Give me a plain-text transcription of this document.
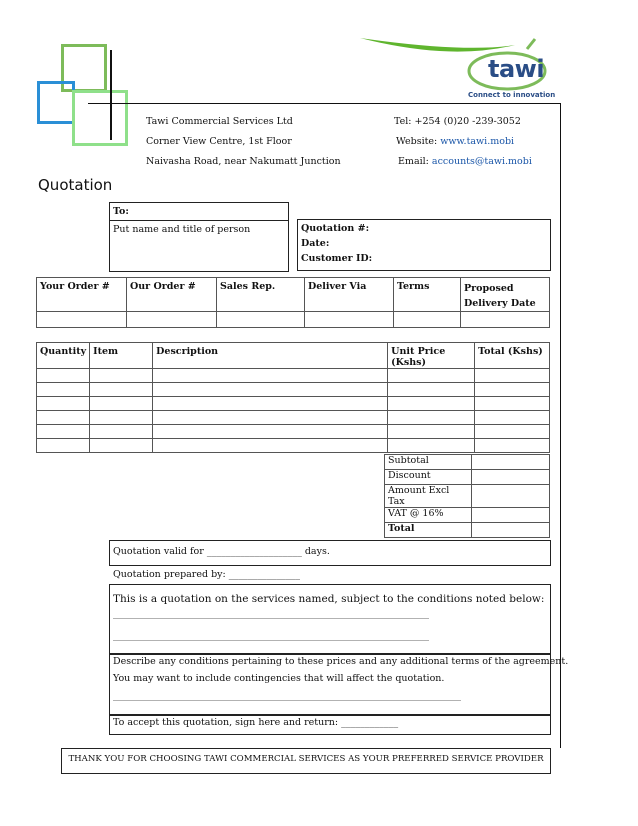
tawi
Connect to innovation
Tawi Commercial Services Ltd
Corner View Centre, 1st Floor
Naivasha Road, near Nakumatt Junction
Tel: +254 (0)20 -239-3052
Website: www.tawi.mobi
Email: accounts@tawi.mobi
Quotation
To:
Put name and title of person	Quotation #:
Date:
Customer ID:
Your Order #	Our Order #	Sales Rep.	Deliver Via	Terms	Proposed Delivery Date

Quantity	Item	Description	Unit Price (Kshs)	Total (Kshs)

Subtotal	
Discount	
Amount Excl Tax	
VAT @ 16%	
Total	
Quotation valid for ____________________ days.
Quotation prepared by: _______________
This is a quotation on the services named, subject to the conditions noted below:
_______________________________________________________________________________
_______________________________________________________________________________
Describe any conditions pertaining to these prices and any additional terms of the agreement.
You may want to include contingencies that will affect the quotation.
_______________________________________________________________________________________
To accept this quotation, sign here and return: ____________
THANK YOU FOR CHOOSING TAWI COMMERCIAL SERVICES AS YOUR PREFERRED SERVICE PROVIDER
